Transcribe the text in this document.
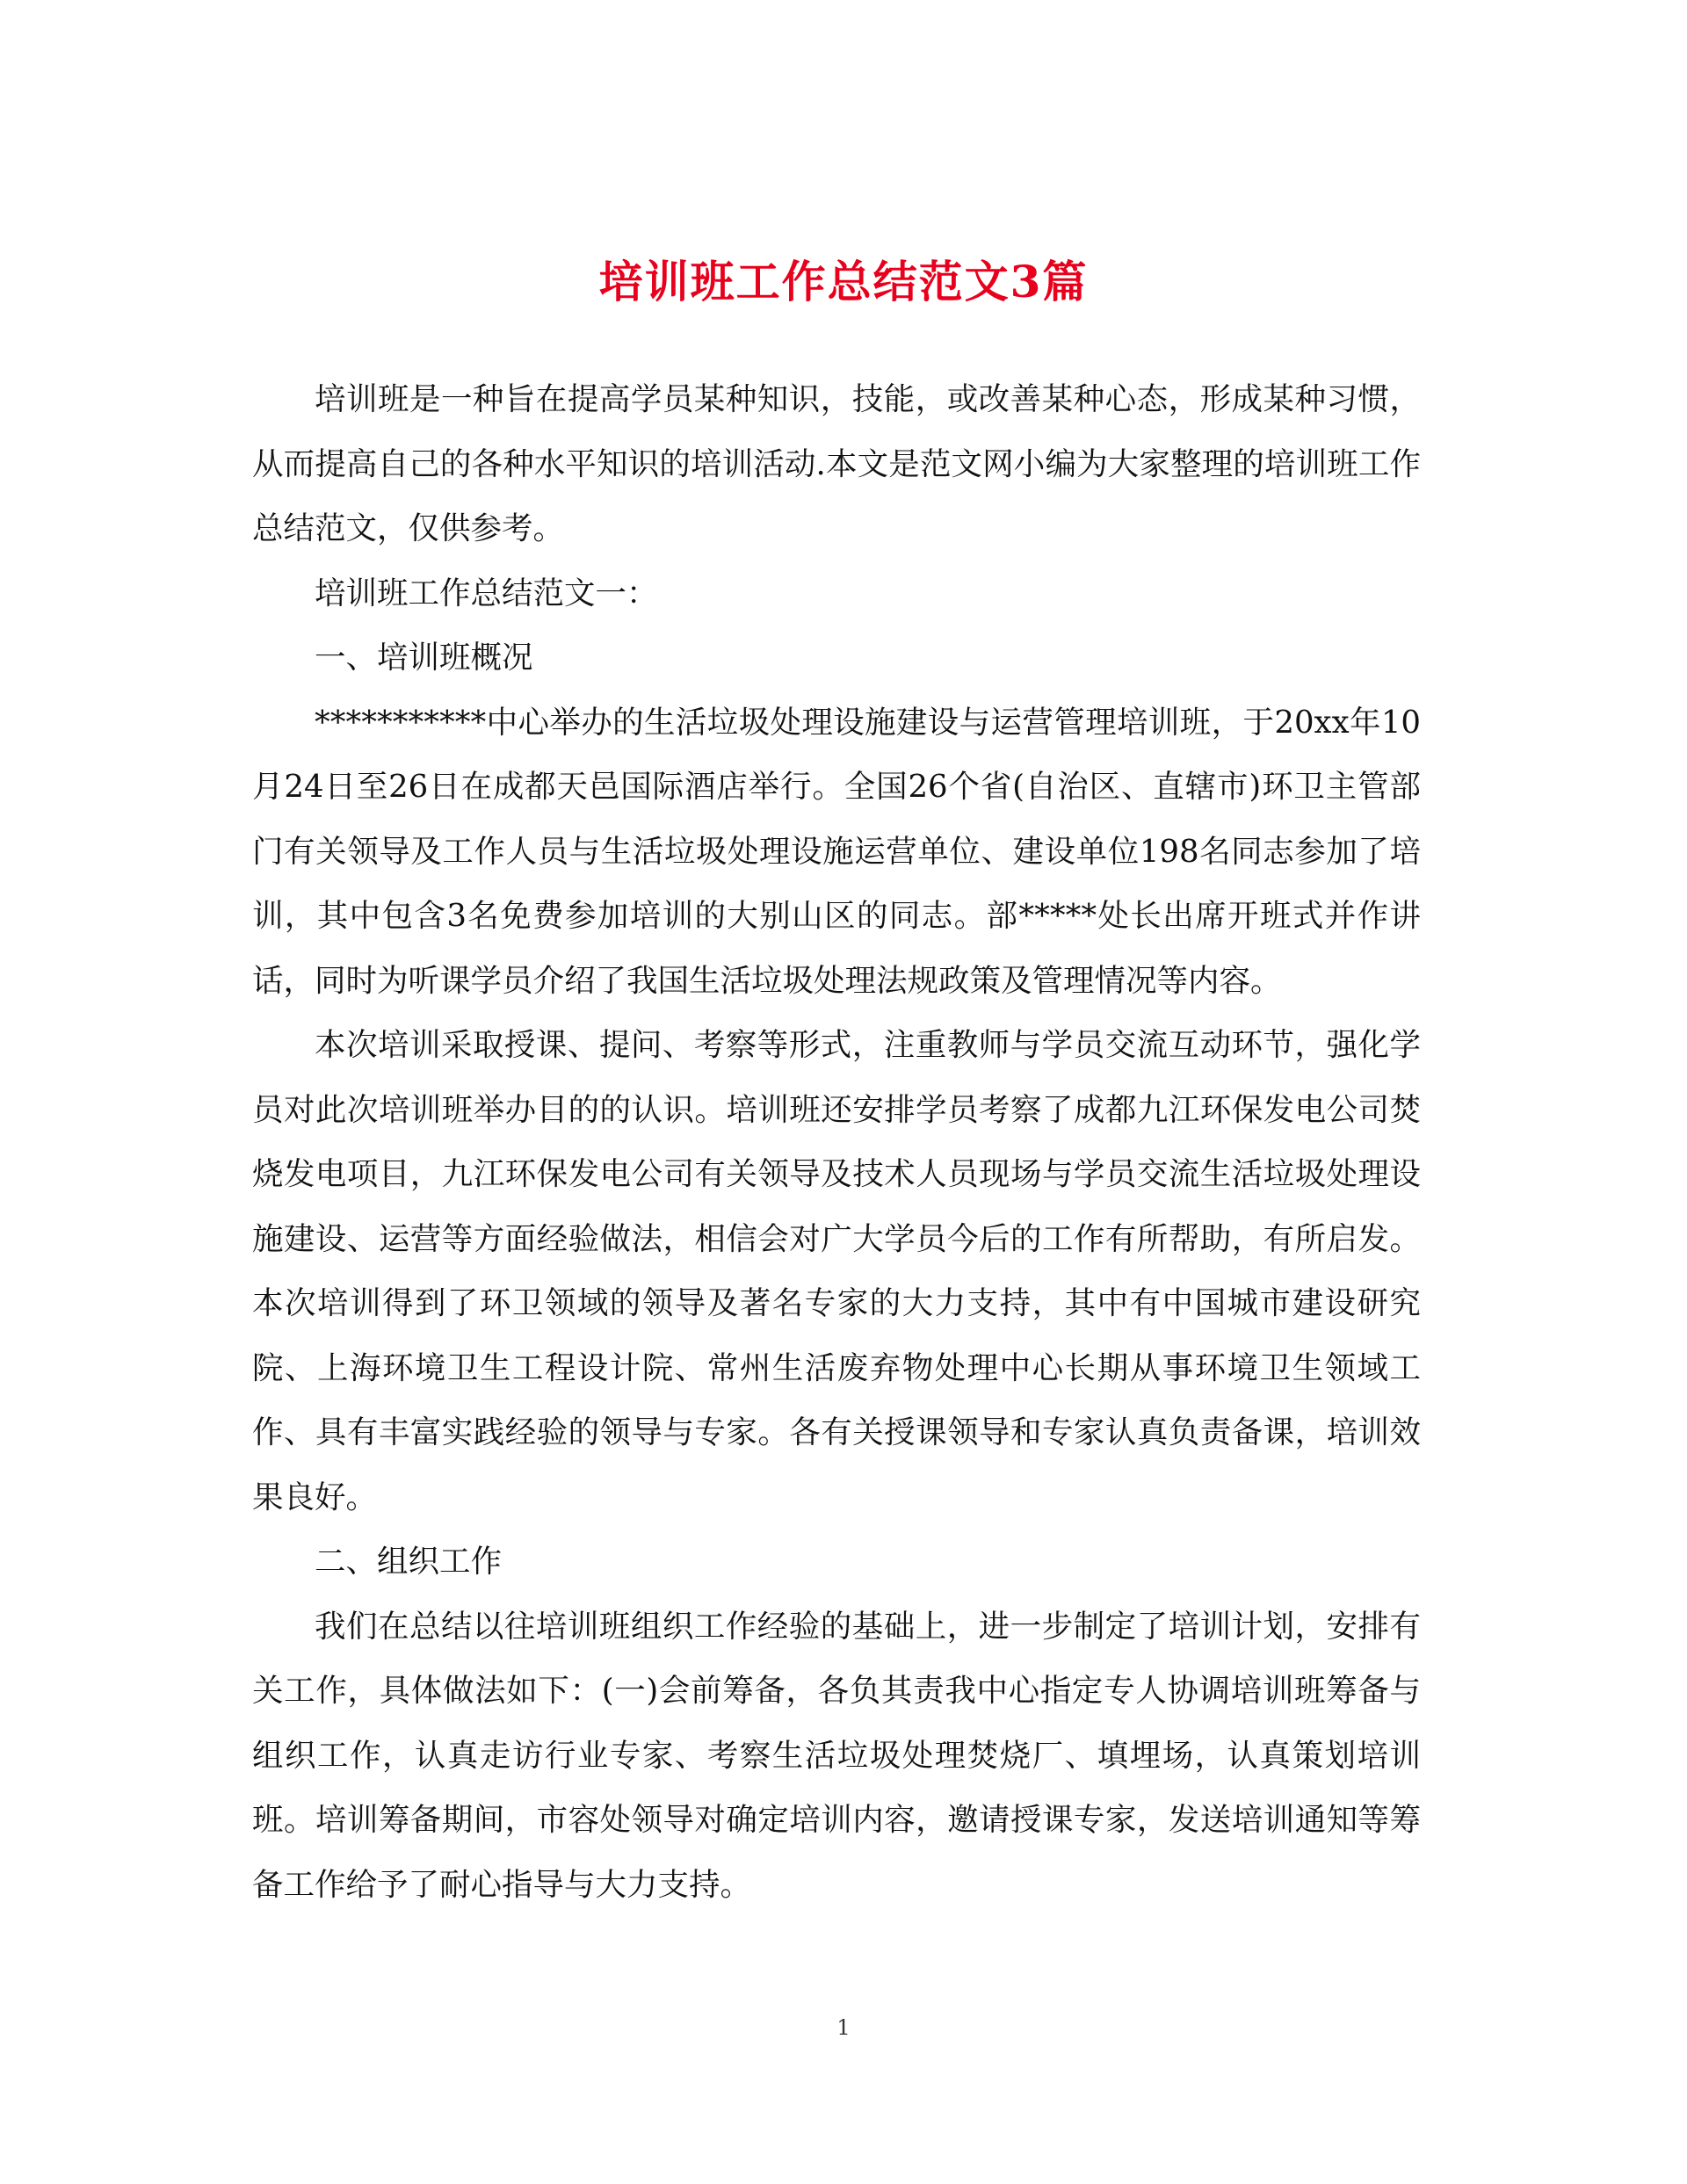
培训班工作总结范文3篇

培训班是一种旨在提高学员某种知识，技能，或改善某种心态，形成某种习惯，从而提高自己的各种水平知识的培训活动.本文是范文网小编为大家整理的培训班工作总结范文，仅供参考。

培训班工作总结范文一：

一、培训班概况

***********中心举办的生活垃圾处理设施建设与运营管理培训班，于20xx年10月24日至26日在成都天邑国际酒店举行。全国26个省(自治区、直辖市)环卫主管部门有关领导及工作人员与生活垃圾处理设施运营单位、建设单位198名同志参加了培训，其中包含3名免费参加培训的大别山区的同志。部*****处长出席开班式并作讲话，同时为听课学员介绍了我国生活垃圾处理法规政策及管理情况等内容。

本次培训采取授课、提问、考察等形式，注重教师与学员交流互动环节，强化学员对此次培训班举办目的的认识。培训班还安排学员考察了成都九江环保发电公司焚烧发电项目，九江环保发电公司有关领导及技术人员现场与学员交流生活垃圾处理设施建设、运营等方面经验做法，相信会对广大学员今后的工作有所帮助，有所启发。 本次培训得到了环卫领域的领导及著名专家的大力支持，其中有中国城市建设研究院、上海环境卫生工程设计院、常州生活废弃物处理中心长期从事环境卫生领域工作、具有丰富实践经验的领导与专家。各有关授课领导和专家认真负责备课，培训效果良好。

二、组织工作

我们在总结以往培训班组织工作经验的基础上，进一步制定了培训计划，安排有关工作，具体做法如下：(一)会前筹备，各负其责我中心指定专人协调培训班筹备与组织工作，认真走访行业专家、考察生活垃圾处理焚烧厂、填埋场，认真策划培训班。培训筹备期间，市容处领导对确定培训内容，邀请授课专家，发送培训通知等筹备工作给予了耐心指导与大力支持。

1
